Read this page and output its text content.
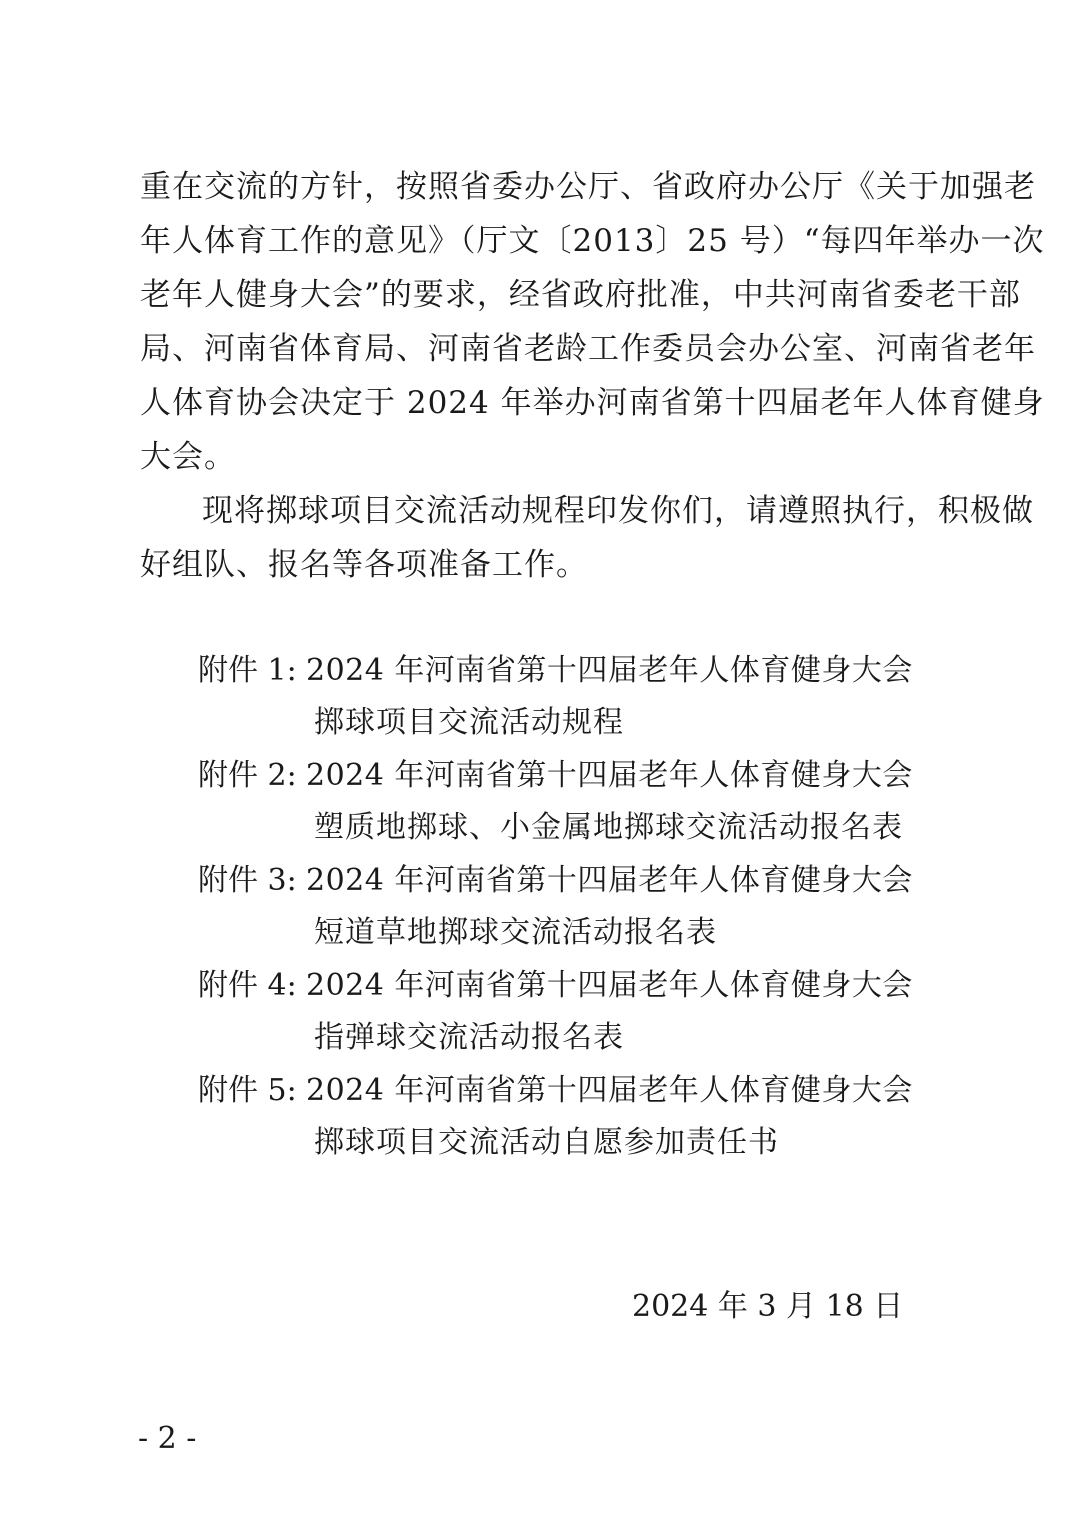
重在交流的方针，按照省委办公厅、省政府办公厅《关于加强老
年人体育工作的意见》（厅文〔2013〕25 号）“每四年举办一次
老年人健身大会”的要求，经省政府批准，中共河南省委老干部
局、河南省体育局、河南省老龄工作委员会办公室、河南省老年
人体育协会决定于 2024 年举办河南省第十四届老年人体育健身
大会。
现将掷球项目交流活动规程印发你们，请遵照执行，积极做
好组队、报名等各项准备工作。
附件 1: 2024 年河南省第十四届老年人体育健身大会
掷球项目交流活动规程
附件 2: 2024 年河南省第十四届老年人体育健身大会
塑质地掷球、小金属地掷球交流活动报名表
附件 3: 2024 年河南省第十四届老年人体育健身大会
短道草地掷球交流活动报名表
附件 4: 2024 年河南省第十四届老年人体育健身大会
指弹球交流活动报名表
附件 5: 2024 年河南省第十四届老年人体育健身大会
掷球项目交流活动自愿参加责任书
2024 年 3 月 18 日
- 2 -
